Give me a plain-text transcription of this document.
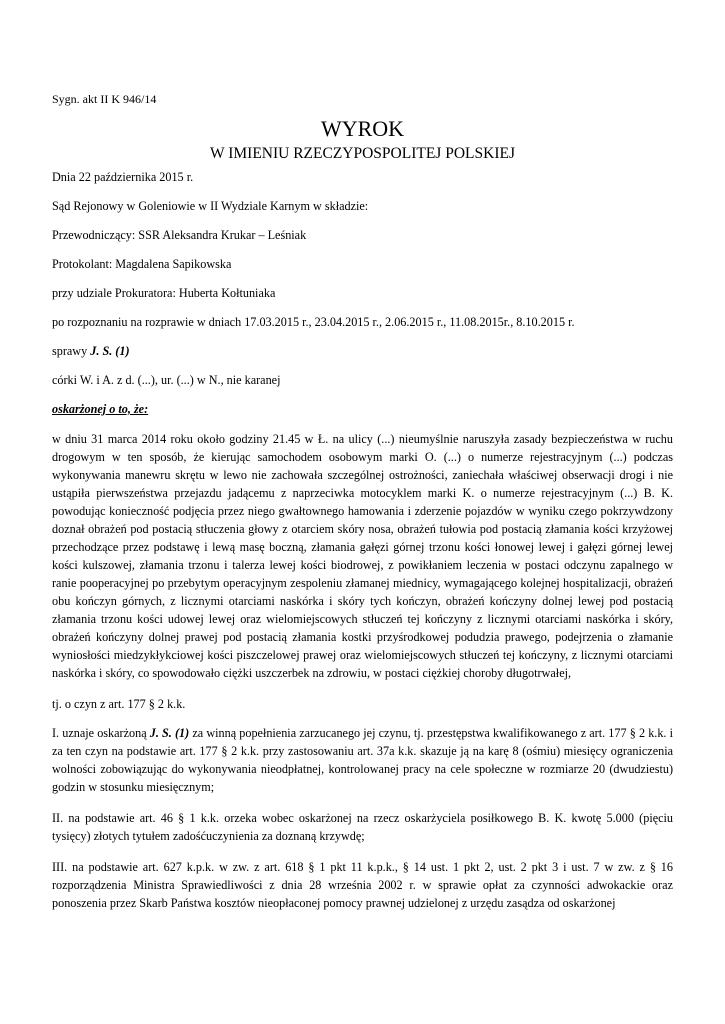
Sygn. akt II K 946/14

WYROK

W IMIENIU RZECZYPOSPOLITEJ POLSKIEJ

Dnia 22 października 2015 r.

Sąd Rejonowy w Goleniowie w II Wydziale Karnym w składzie:

Przewodniczący: SSR Aleksandra Krukar – Leśniak

Protokolant: Magdalena Sapikowska

przy udziale Prokuratora: Huberta Kołtuniaka

po rozpoznaniu na rozprawie w dniach 17.03.2015 r., 23.04.2015 r., 2.06.2015 r., 11.08.2015r., 8.10.2015 r.

sprawy J. S. (1)

córki W. i A. z d. (...), ur. (...) w N., nie karanej

oskarżonej o to, że:

w dniu 31 marca 2014 roku około godziny 21.45 w Ł. na ulicy (...) nieumyślnie naruszyła zasady bezpieczeństwa w ruchu drogowym w ten sposób, że kierując samochodem osobowym marki O. (...) o numerze rejestracyjnym (...) podczas wykonywania manewru skrętu w lewo nie zachowała szczególnej ostrożności, zaniechała właściwej obserwacji drogi i nie ustąpiła pierwszeństwa przejazdu jadącemu z naprzeciwka motocyklem marki K. o numerze rejestracyjnym (...) B. K. powodując konieczność podjęcia przez niego gwałtownego hamowania i zderzenie pojazdów w wyniku czego pokrzywdzony doznał obrażeń pod postacią stłuczenia głowy z otarciem skóry nosa, obrażeń tułowia pod postacią złamania kości krzyżowej przechodzące przez podstawę i lewą masę boczną, złamania gałęzi górnej trzonu kości łonowej lewej i gałęzi górnej lewej kości kulszowej, złamania trzonu i talerza lewej kości biodrowej, z powikłaniem leczenia w postaci odczynu zapalnego w ranie pooperacyjnej po przebytym operacyjnym zespoleniu złamanej miednicy, wymagającego kolejnej hospitalizacji, obrażeń obu kończyn górnych, z licznymi otarciami naskórka i skóry tych kończyn, obrażeń kończyny dolnej lewej pod postacią złamania trzonu kości udowej lewej oraz wielomiejscowych stłuczeń tej kończyny z licznymi otarciami naskórka i skóry, obrażeń kończyny dolnej prawej pod postacią złamania kostki przyśrodkowej podudzia prawego, podejrzenia o złamanie wyniosłości miedzykłykciowej kości piszczelowej prawej oraz wielomiejscowych stłuczeń tej kończyny, z licznymi otarciami naskórka i skóry, co spowodowało ciężki uszczerbek na zdrowiu, w postaci ciężkiej choroby długotrwałej,

tj. o czyn z art. 177 § 2 k.k.

I. uznaje oskarżoną J. S. (1) za winną popełnienia zarzucanego jej czynu, tj. przestępstwa kwalifikowanego z art. 177 § 2 k.k. i za ten czyn na podstawie art. 177 § 2 k.k. przy zastosowaniu art. 37a k.k. skazuje ją na karę 8 (ośmiu) miesięcy ograniczenia wolności zobowiązując do wykonywania nieodpłatnej, kontrolowanej pracy na cele społeczne w rozmiarze 20 (dwudziestu) godzin w stosunku miesięcznym;

II. na podstawie art. 46 § 1 k.k. orzeka wobec oskarżonej na rzecz oskarżyciela posiłkowego B. K. kwotę 5.000 (pięciu tysięcy) złotych tytułem zadośćuczynienia za doznaną krzywdę;

III. na podstawie art. 627 k.p.k. w zw. z art. 618 § 1 pkt 11 k.p.k., § 14 ust. 1 pkt 2, ust. 2 pkt 3 i ust. 7 w zw. z § 16 rozporządzenia Ministra Sprawiedliwości z dnia 28 września 2002 r. w sprawie opłat za czynności adwokackie oraz ponoszenia przez Skarb Państwa kosztów nieopłaconej pomocy prawnej udzielonej z urzędu zasądza od oskarżonej
